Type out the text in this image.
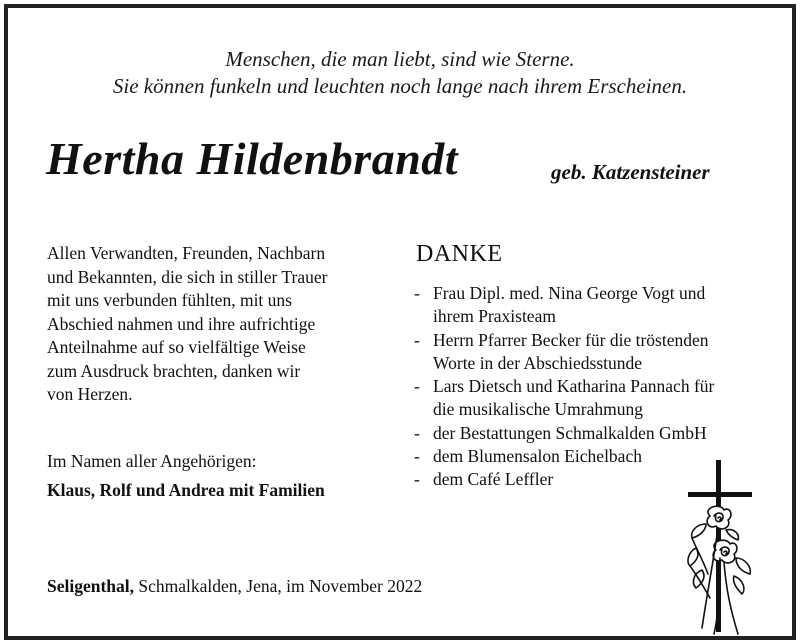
Menschen, die man liebt, sind wie Sterne.
Sie können funkeln und leuchten noch lange nach ihrem Erscheinen.
Hertha Hildenbrandt	geb. Katzensteiner
Allen Verwandten, Freunden, Nachbarn
und Bekannten, die sich in stiller Trauer
mit uns verbunden fühlten, mit uns
Abschied nahmen und ihre aufrichtige
Anteilnahme auf so vielfältige Weise
zum Ausdruck brachten, danken wir
von Herzen.
Im Namen aller Angehörigen:
Klaus, Rolf und Andrea mit Familien
Seligenthal, Schmalkalden, Jena, im November 2022
DANKE
- Frau Dipl. med. Nina George Vogt und
ihrem Praxisteam
- Herrn Pfarrer Becker für die tröstenden
Worte in der Abschiedsstunde
- Lars Dietsch und Katharina Pannach für
die musikalische Umrahmung
- der Bestattungen Schmalkalden GmbH
- dem Blumensalon Eichelbach
- dem Café Leffler
